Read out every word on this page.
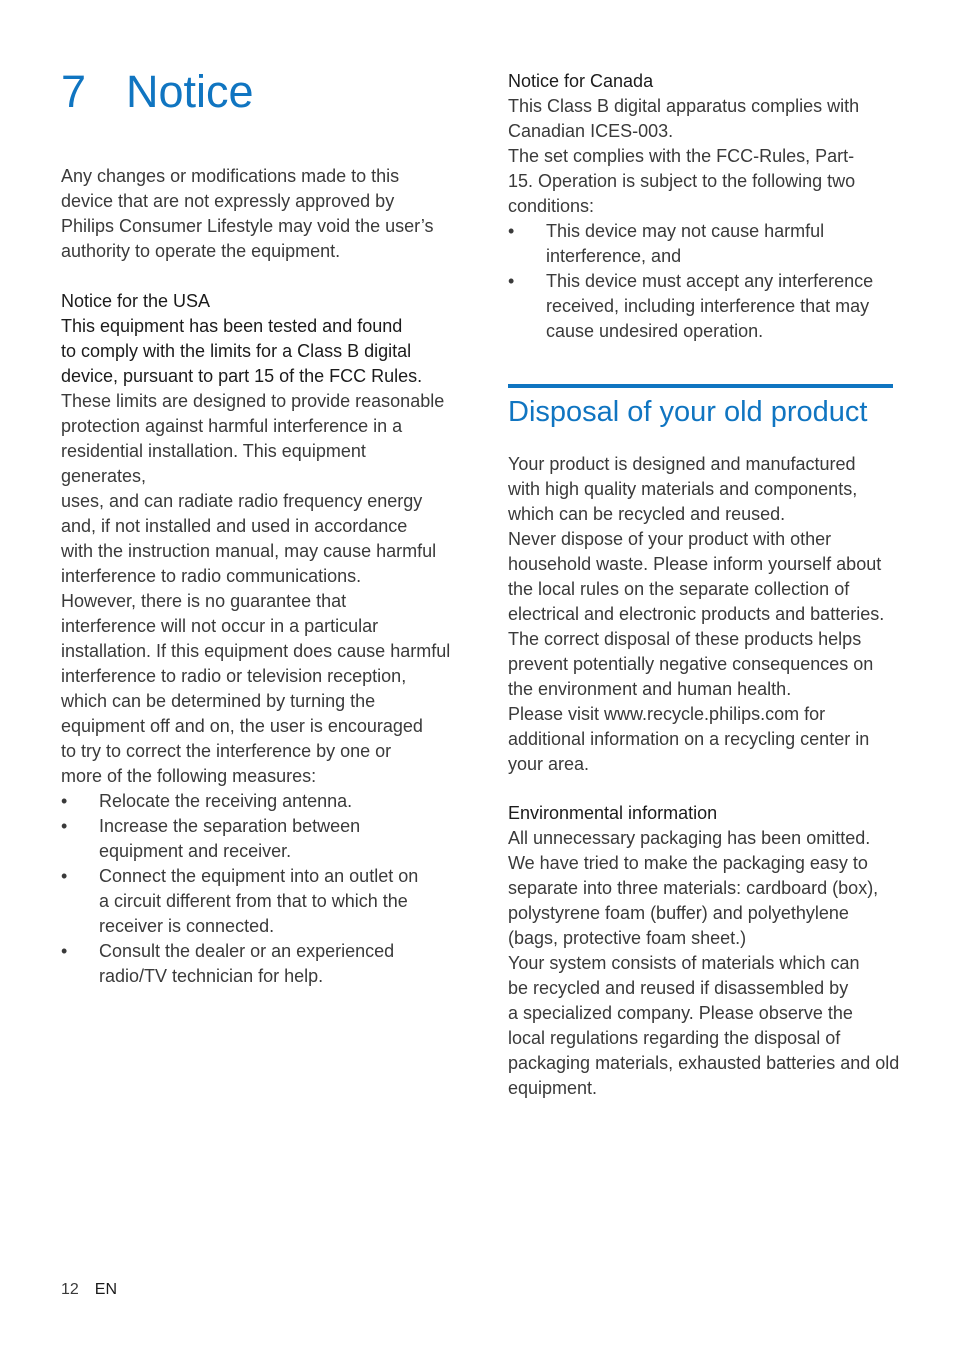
7 Notice

Any changes or modifications made to this
device that are not expressly approved by
Philips Consumer Lifestyle may void the user’s
authority to operate the equipment.

Notice for the USA

This equipment has been tested and found
to comply with the limits for a Class B digital
device, pursuant to part 15 of the FCC Rules.

These limits are designed to provide reasonable
protection against harmful interference in a
residential installation. This equipment generates,
uses, and can radiate radio frequency energy
and, if not installed and used in accordance
with the instruction manual, may cause harmful
interference to radio communications.
However, there is no guarantee that
interference will not occur in a particular
installation. If this equipment does cause harmful
interference to radio or television reception,
which can be determined by turning the
equipment off and on, the user is encouraged
to try to correct the interference by one or
more of the following measures:

• Relocate the receiving antenna.
• Increase the separation between
equipment and receiver.
• Connect the equipment into an outlet on
a circuit different from that to which the
receiver is connected.
• Consult the dealer or an experienced
radio/TV technician for help.

Notice for Canada

This Class B digital apparatus complies with
Canadian ICES-003.
The set complies with the FCC-Rules, Part-
15. Operation is subject to the following two
conditions:

• This device may not cause harmful
interference, and
• This device must accept any interference
received, including interference that may
cause undesired operation.
Disposal of your old product

Your product is designed and manufactured
with high quality materials and components,
which can be recycled and reused.
Never dispose of your product with other
household waste. Please inform yourself about
the local rules on the separate collection of
electrical and electronic products and batteries.
The correct disposal of these products helps
prevent potentially negative consequences on
the environment and human health.
Please visit www.recycle.philips.com for
additional information on a recycling center in
your area.

Environmental information

All unnecessary packaging has been omitted.
We have tried to make the packaging easy to
separate into three materials: cardboard (box),
polystyrene foam (buffer) and polyethylene
(bags, protective foam sheet.)
Your system consists of materials which can
be recycled and reused if disassembled by
a specialized company. Please observe the
local regulations regarding the disposal of
packaging materials, exhausted batteries and old
equipment.

12 EN
